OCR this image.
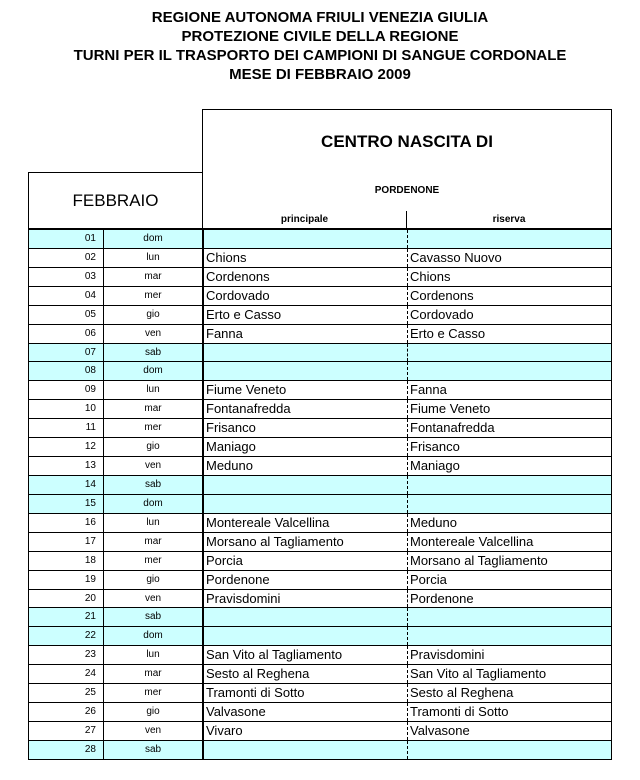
REGIONE AUTONOMA FRIULI VENEZIA GIULIA
PROTEZIONE CIVILE DELLA REGIONE
TURNI PER IL TRASPORTO DEI CAMPIONI DI SANGUE CORDONALE
MESE DI FEBBRAIO 2009
CENTRO NASCITA DI
PORDENONE
FEBBRAIO
principale	riserva
01	dom
02	lun	Chions	Cavasso Nuovo
03	mar	Cordenons	Chions
04	mer	Cordovado	Cordenons
05	gio	Erto e Casso	Cordovado
06	ven	Fanna	Erto e Casso
07	sab
08	dom
09	lun	Fiume Veneto	Fanna
10	mar	Fontanafredda	Fiume Veneto
11	mer	Frisanco	Fontanafredda
12	gio	Maniago	Frisanco
13	ven	Meduno	Maniago
14	sab
15	dom
16	lun	Montereale Valcellina	Meduno
17	mar	Morsano al Tagliamento	Montereale Valcellina
18	mer	Porcia	Morsano al Tagliamento
19	gio	Pordenone	Porcia
20	ven	Pravisdomini	Pordenone
21	sab
22	dom
23	lun	San Vito al Tagliamento	Pravisdomini
24	mar	Sesto al Reghena	San Vito al Tagliamento
25	mer	Tramonti di Sotto	Sesto al Reghena
26	gio	Valvasone	Tramonti di Sotto
27	ven	Vivaro	Valvasone
28	sab
